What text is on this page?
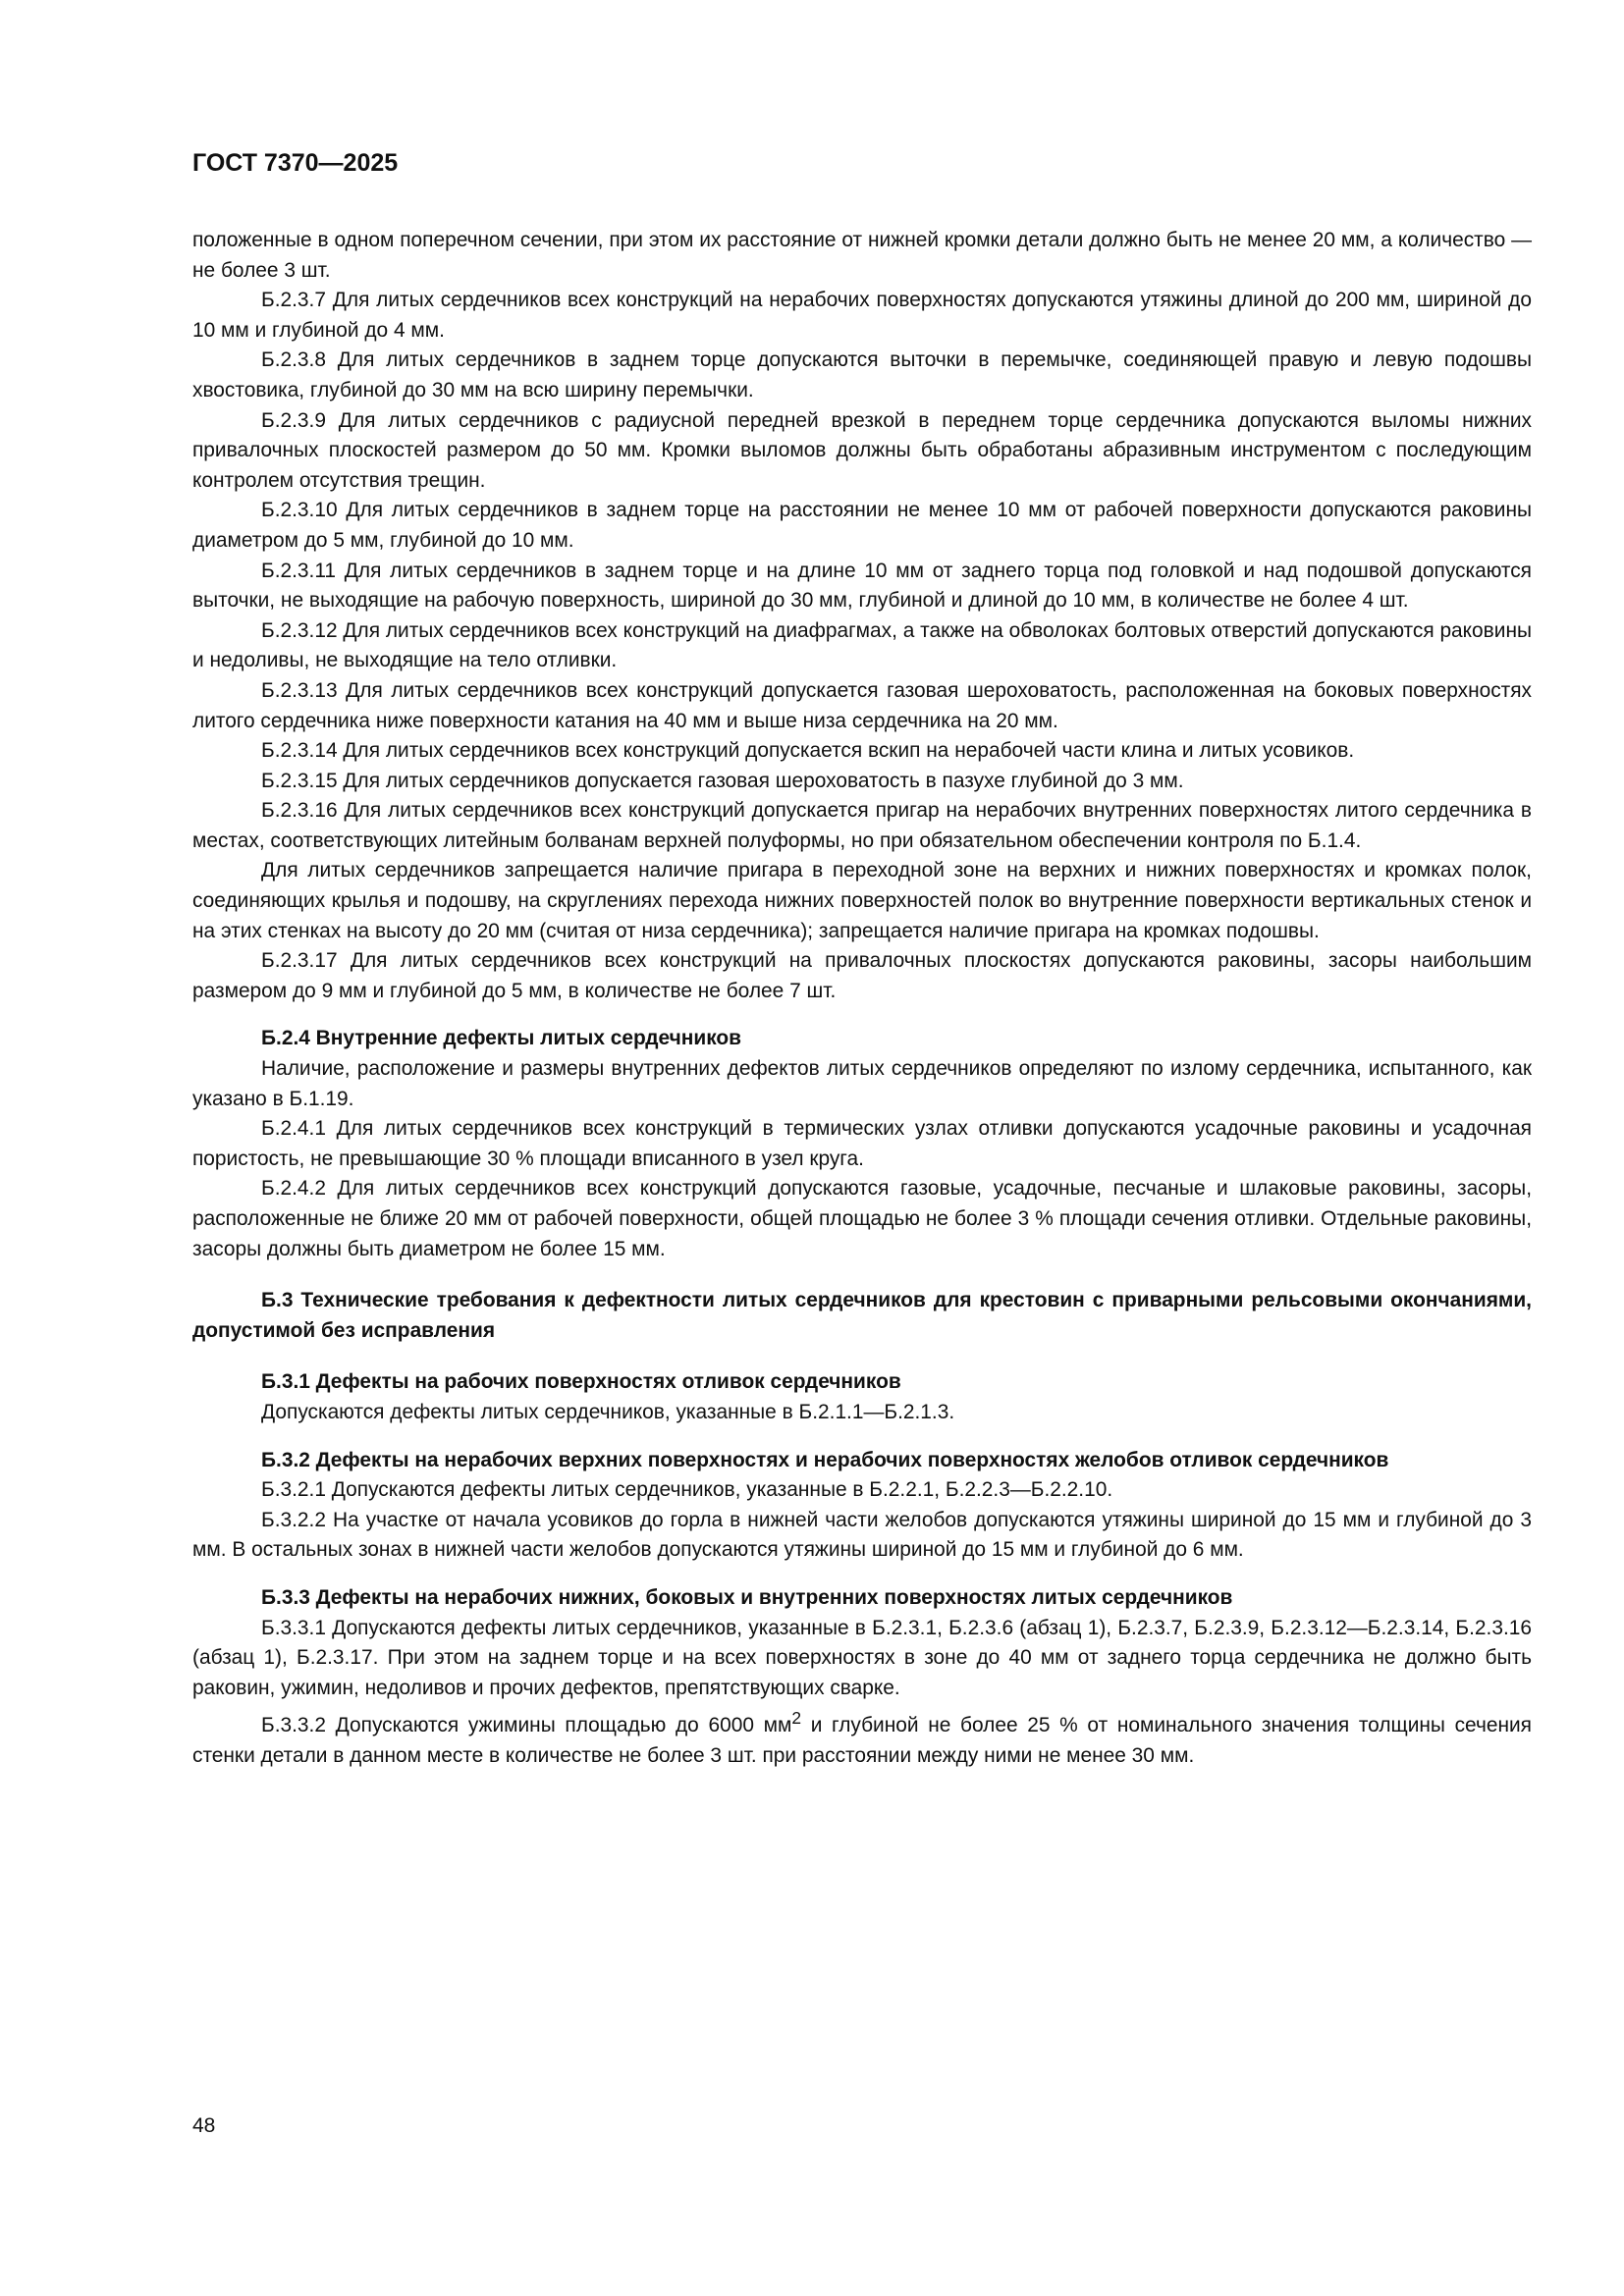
ГОСТ 7370—2025

положенные в одном поперечном сечении, при этом их расстояние от нижней кромки детали должно быть не менее 20 мм, а количество — не более 3 шт.

Б.2.3.7 Для литых сердечников всех конструкций на нерабочих поверхностях допускаются утяжины длиной до 200 мм, шириной до 10 мм и глубиной до 4 мм.

Б.2.3.8 Для литых сердечников в заднем торце допускаются выточки в перемычке, соединяющей правую и левую подошвы хвостовика, глубиной до 30 мм на всю ширину перемычки.

Б.2.3.9 Для литых сердечников с радиусной передней врезкой в переднем торце сердечника допускаются выломы нижних привалочных плоскостей размером до 50 мм. Кромки выломов должны быть обработаны абразивным инструментом с последующим контролем отсутствия трещин.

Б.2.3.10 Для литых сердечников в заднем торце на расстоянии не менее 10 мм от рабочей поверхности допускаются раковины диаметром до 5 мм, глубиной до 10 мм.

Б.2.3.11 Для литых сердечников в заднем торце и на длине 10 мм от заднего торца под головкой и над подошвой допускаются выточки, не выходящие на рабочую поверхность, шириной до 30 мм, глубиной и длиной до 10 мм, в количестве не более 4 шт.

Б.2.3.12 Для литых сердечников всех конструкций на диафрагмах, а также на обволоках болтовых отверстий допускаются раковины и недоливы, не выходящие на тело отливки.

Б.2.3.13 Для литых сердечников всех конструкций допускается газовая шероховатость, расположенная на боковых поверхностях литого сердечника ниже поверхности катания на 40 мм и выше низа сердечника на 20 мм.

Б.2.3.14 Для литых сердечников всех конструкций допускается вскип на нерабочей части клина и литых усовиков.

Б.2.3.15 Для литых сердечников допускается газовая шероховатость в пазухе глубиной до 3 мм.

Б.2.3.16 Для литых сердечников всех конструкций допускается пригар на нерабочих внутренних поверхностях литого сердечника в местах, соответствующих литейным болванам верхней полуформы, но при обязательном обеспечении контроля по Б.1.4.

Для литых сердечников запрещается наличие пригара в переходной зоне на верхних и нижних поверхностях и кромках полок, соединяющих крылья и подошву, на скруглениях перехода нижних поверхностей полок во внутренние поверхности вертикальных стенок и на этих стенках на высоту до 20 мм (считая от низа сердечника); запрещается наличие пригара на кромках подошвы.

Б.2.3.17 Для литых сердечников всех конструкций на привалочных плоскостях допускаются раковины, засоры наибольшим размером до 9 мм и глубиной до 5 мм, в количестве не более 7 шт.

Б.2.4 Внутренние дефекты литых сердечников

Наличие, расположение и размеры внутренних дефектов литых сердечников определяют по излому сердечника, испытанного, как указано в Б.1.19.

Б.2.4.1 Для литых сердечников всех конструкций в термических узлах отливки допускаются усадочные раковины и усадочная пористость, не превышающие 30 % площади вписанного в узел круга.

Б.2.4.2 Для литых сердечников всех конструкций допускаются газовые, усадочные, песчаные и шлаковые раковины, засоры, расположенные не ближе 20 мм от рабочей поверхности, общей площадью не более 3 % площади сечения отливки. Отдельные раковины, засоры должны быть диаметром не более 15 мм.

Б.3 Технические требования к дефектности литых сердечников для крестовин с приварными рельсовыми окончаниями, допустимой без исправления

Б.3.1 Дефекты на рабочих поверхностях отливок сердечников

Допускаются дефекты литых сердечников, указанные в Б.2.1.1—Б.2.1.3.

Б.3.2 Дефекты на нерабочих верхних поверхностях и нерабочих поверхностях желобов отливок сердечников

Б.3.2.1 Допускаются дефекты литых сердечников, указанные в Б.2.2.1, Б.2.2.3—Б.2.2.10.

Б.3.2.2 На участке от начала усовиков до горла в нижней части желобов допускаются утяжины шириной до 15 мм и глубиной до 3 мм. В остальных зонах в нижней части желобов допускаются утяжины шириной до 15 мм и глубиной до 6 мм.

Б.3.3 Дефекты на нерабочих нижних, боковых и внутренних поверхностях литых сердечников

Б.3.3.1 Допускаются дефекты литых сердечников, указанные в Б.2.3.1, Б.2.3.6 (абзац 1), Б.2.3.7, Б.2.3.9, Б.2.3.12—Б.2.3.14, Б.2.3.16 (абзац 1), Б.2.3.17. При этом на заднем торце и на всех поверхностях в зоне до 40 мм от заднего торца сердечника не должно быть раковин, ужимин, недоливов и прочих дефектов, препятствующих сварке.

Б.3.3.2 Допускаются ужимины площадью до 6000 $мм^2$ и глубиной не более 25 % от номинального значения толщины сечения стенки детали в данном месте в количестве не более 3 шт. при расстоянии между ними не менее 30 мм.

48
